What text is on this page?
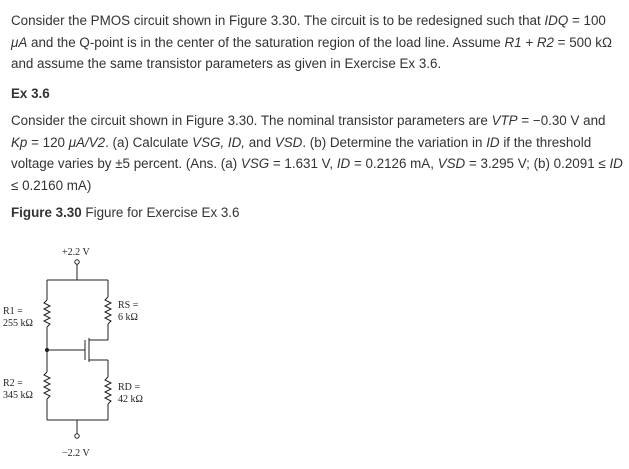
Consider the PMOS circuit shown in Figure 3.30. The circuit is to be redesigned such that IDQ = 100 μA and the Q-point is in the center of the saturation region of the load line. Assume R1 + R2 = 500 kΩ and assume the same transistor parameters as given in Exercise Ex 3.6.

Ex 3.6

Consider the circuit shown in Figure 3.30. The nominal transistor parameters are VTP = −0.30 V and Kp = 120 μA/V2. (a) Calculate VSG, ID, and VSD. (b) Determine the variation in ID if the threshold voltage varies by ±5 percent. (Ans. (a) VSG = 1.631 V, ID = 0.2126 mA, VSD = 3.295 V; (b) 0.2091 ≤ ID ≤ 0.2160 mA)

Figure 3.30 Figure for Exercise Ex 3.6
+2.2 V
−2.2 V
R1 =
255 kΩ
R2 =
345 kΩ
RS =
6 kΩ
RD =
42 kΩ
